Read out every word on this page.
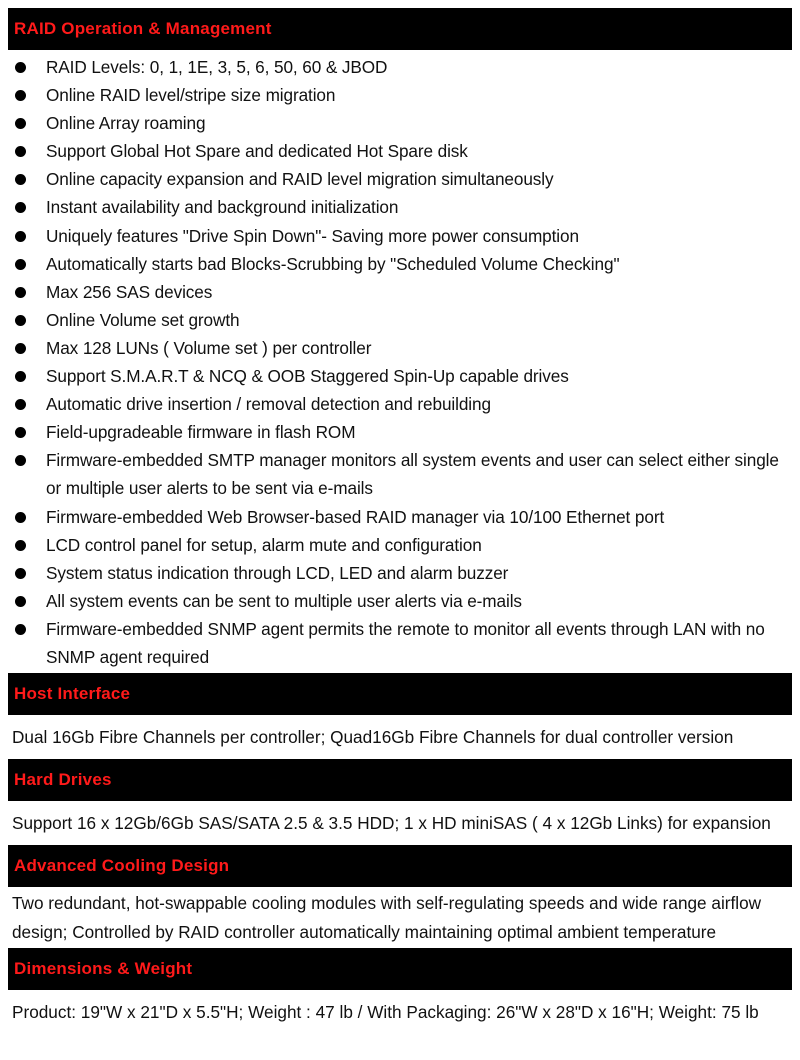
RAID Operation & Management
RAID Levels: 0, 1, 1E, 3, 5, 6, 50, 60 & JBOD
Online RAID level/stripe size migration
Online Array roaming
Support Global Hot Spare and dedicated Hot Spare disk
Online capacity expansion and RAID level migration simultaneously
Instant availability and background initialization
Uniquely features "Drive Spin Down"- Saving more power consumption
Automatically starts bad Blocks-Scrubbing by "Scheduled Volume Checking"
Max 256 SAS devices
Online Volume set growth
Max 128 LUNs ( Volume set ) per controller
Support S.M.A.R.T & NCQ & OOB Staggered Spin-Up capable drives
Automatic drive insertion / removal detection and rebuilding
Field-upgradeable firmware in flash ROM
Firmware-embedded SMTP manager monitors all system events and user can select either single or multiple user alerts to be sent via e-mails
Firmware-embedded Web Browser-based RAID manager via 10/100 Ethernet port
LCD control panel for setup, alarm mute and configuration
System status indication through LCD, LED and alarm buzzer
All system events can be sent to multiple user alerts via e-mails
Firmware-embedded SNMP agent permits the remote to monitor all events through LAN with no SNMP agent required
Host Interface
Dual 16Gb Fibre Channels per controller; Quad16Gb Fibre Channels for dual controller version
Hard Drives
Support 16 x 12Gb/6Gb SAS/SATA 2.5 & 3.5 HDD; 1 x HD miniSAS ( 4 x 12Gb Links) for expansion
Advanced Cooling Design
Two redundant, hot-swappable cooling modules with self-regulating speeds and wide range airflow design; Controlled by RAID controller automatically maintaining optimal ambient temperature
Dimensions & Weight
Product: 19"W x 21"D x 5.5"H; Weight : 47 lb / With Packaging: 26"W x 28"D x 16"H; Weight: 75 lb
